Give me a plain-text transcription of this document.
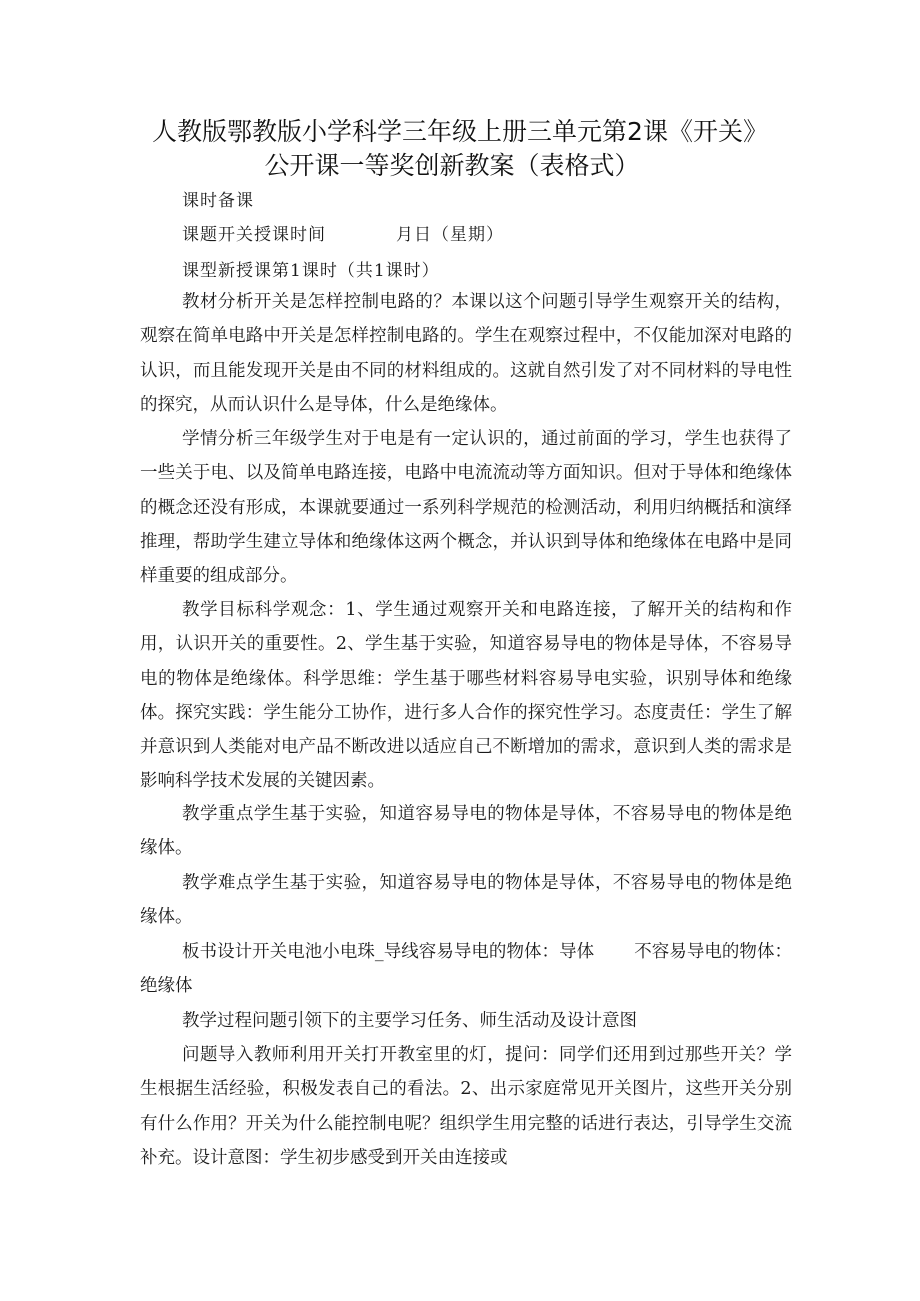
人教版鄂教版小学科学三年级上册三单元第2课《开关》
公开课一等奖创新教案（表格式）
课时备课
课题开关授课时间	月日（星期）
课型新授课第1课时（共1课时）
教材分析开关是怎样控制电路的？本课以这个问题引导学生观察开关的结构，观察在简单电路中开关是怎样控制电路的。学生在观察过程中，不仅能加深对电路的认识，而且能发现开关是由不同的材料组成的。这就自然引发了对不同材料的导电性的探究，从而认识什么是导体，什么是绝缘体。
学情分析三年级学生对于电是有一定认识的，通过前面的学习，学生也获得了一些关于电、以及简单电路连接，电路中电流流动等方面知识。但对于导体和绝缘体的概念还没有形成，本课就要通过一系列科学规范的检测活动，利用归纳概括和演绎推理，帮助学生建立导体和绝缘体这两个概念，并认识到导体和绝缘体在电路中是同样重要的组成部分。
教学目标科学观念：1、学生通过观察开关和电路连接，了解开关的结构和作用，认识开关的重要性。2、学生基于实验，知道容易导电的物体是导体，不容易导电的物体是绝缘体。科学思维：学生基于哪些材料容易导电实验，识别导体和绝缘体。探究实践：学生能分工协作，进行多人合作的探究性学习。态度责任：学生了解并意识到人类能对电产品不断改进以适应自己不断增加的需求，意识到人类的需求是影响科学技术发展的关键因素。
教学重点学生基于实验，知道容易导电的物体是导体，不容易导电的物体是绝缘体。
教学难点学生基于实验，知道容易导电的物体是导体，不容易导电的物体是绝缘体。
板书设计开关电池小电珠_导线容易导电的物体：导体 不容易导电的物体：绝缘体
教学过程问题引领下的主要学习任务、师生活动及设计意图
问题导入教师利用开关打开教室里的灯，提问：同学们还用到过那些开关？学生根据生活经验，积极发表自己的看法。2、出示家庭常见开关图片，这些开关分别有什么作用？开关为什么能控制电呢？组织学生用完整的话进行表达，引导学生交流补充。设计意图：学生初步感受到开关由连接或
